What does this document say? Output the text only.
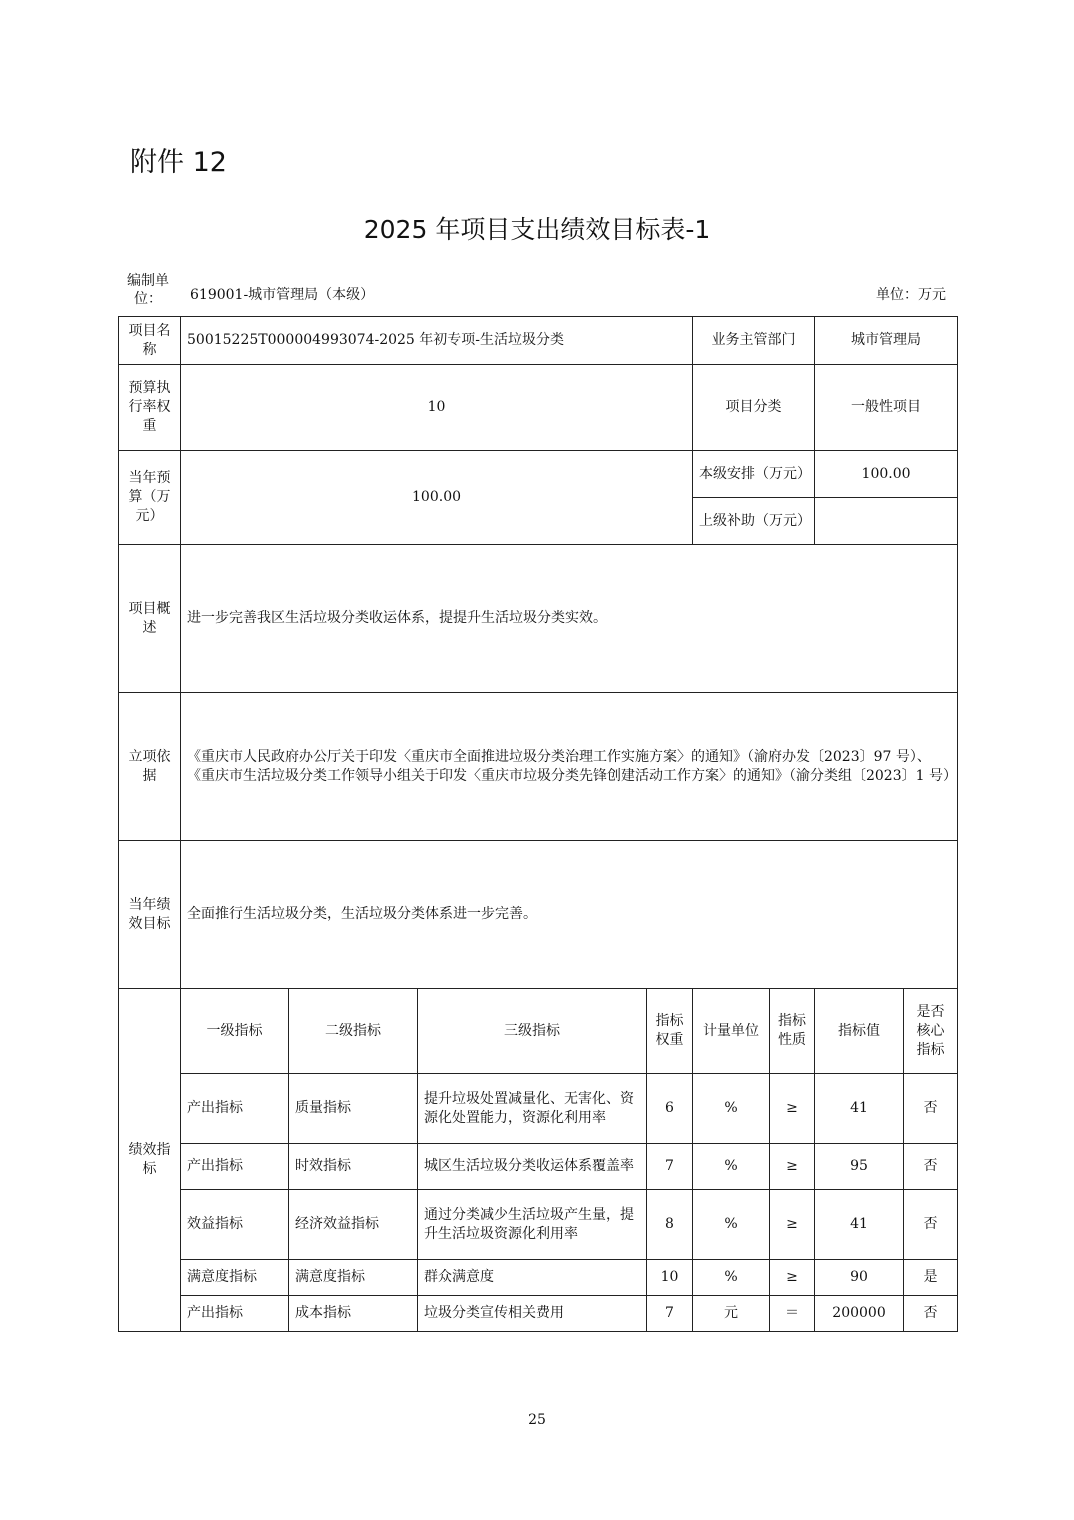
附件 12
2025 年项目支出绩效目标表-1
编制单位：	619001-城市管理局（本级）	单位：万元
项目名称	50015225T000004993074-2025 年初专项-生活垃圾分类				业务主管部门		城市管理局	
预算执行率权重	10				项目分类		一般性项目	
当年预算（万元）	100.00				本级安排（万元）		100.00	
					上级补助（万元）			
项目概述	进一步完善我区生活垃圾分类收运体系，提提升生活垃圾分类实效。							
立项依据	《重庆市人民政府办公厅关于印发〈重庆市全面推进垃圾分类治理工作实施方案〉的通知》（渝府办发〔2023〕97 号）、《重庆市生活垃圾分类工作领导小组关于印发〈重庆市垃圾分类先锋创建活动工作方案〉的通知》（渝分类组〔2023〕1 号）							
当年绩效目标	全面推行生活垃圾分类，生活垃圾分类体系进一步完善。							
绩效指标	一级指标	二级指标	三级指标	指标权重	计量单位	指标性质	指标值	是否核心指标
	产出指标	质量指标	提升垃圾处置减量化、无害化、资源化处置能力，资源化利用率	6	%	≥	41	否
	产出指标	时效指标	城区生活垃圾分类收运体系覆盖率	7	%	≥	95	否
	效益指标	经济效益指标	通过分类减少生活垃圾产生量，提升生活垃圾资源化利用率	8	%	≥	41	否
	满意度指标	满意度指标	群众满意度	10	%	≥	90	是
	产出指标	成本指标	垃圾分类宣传相关费用	7	元	＝	200000	否
25
